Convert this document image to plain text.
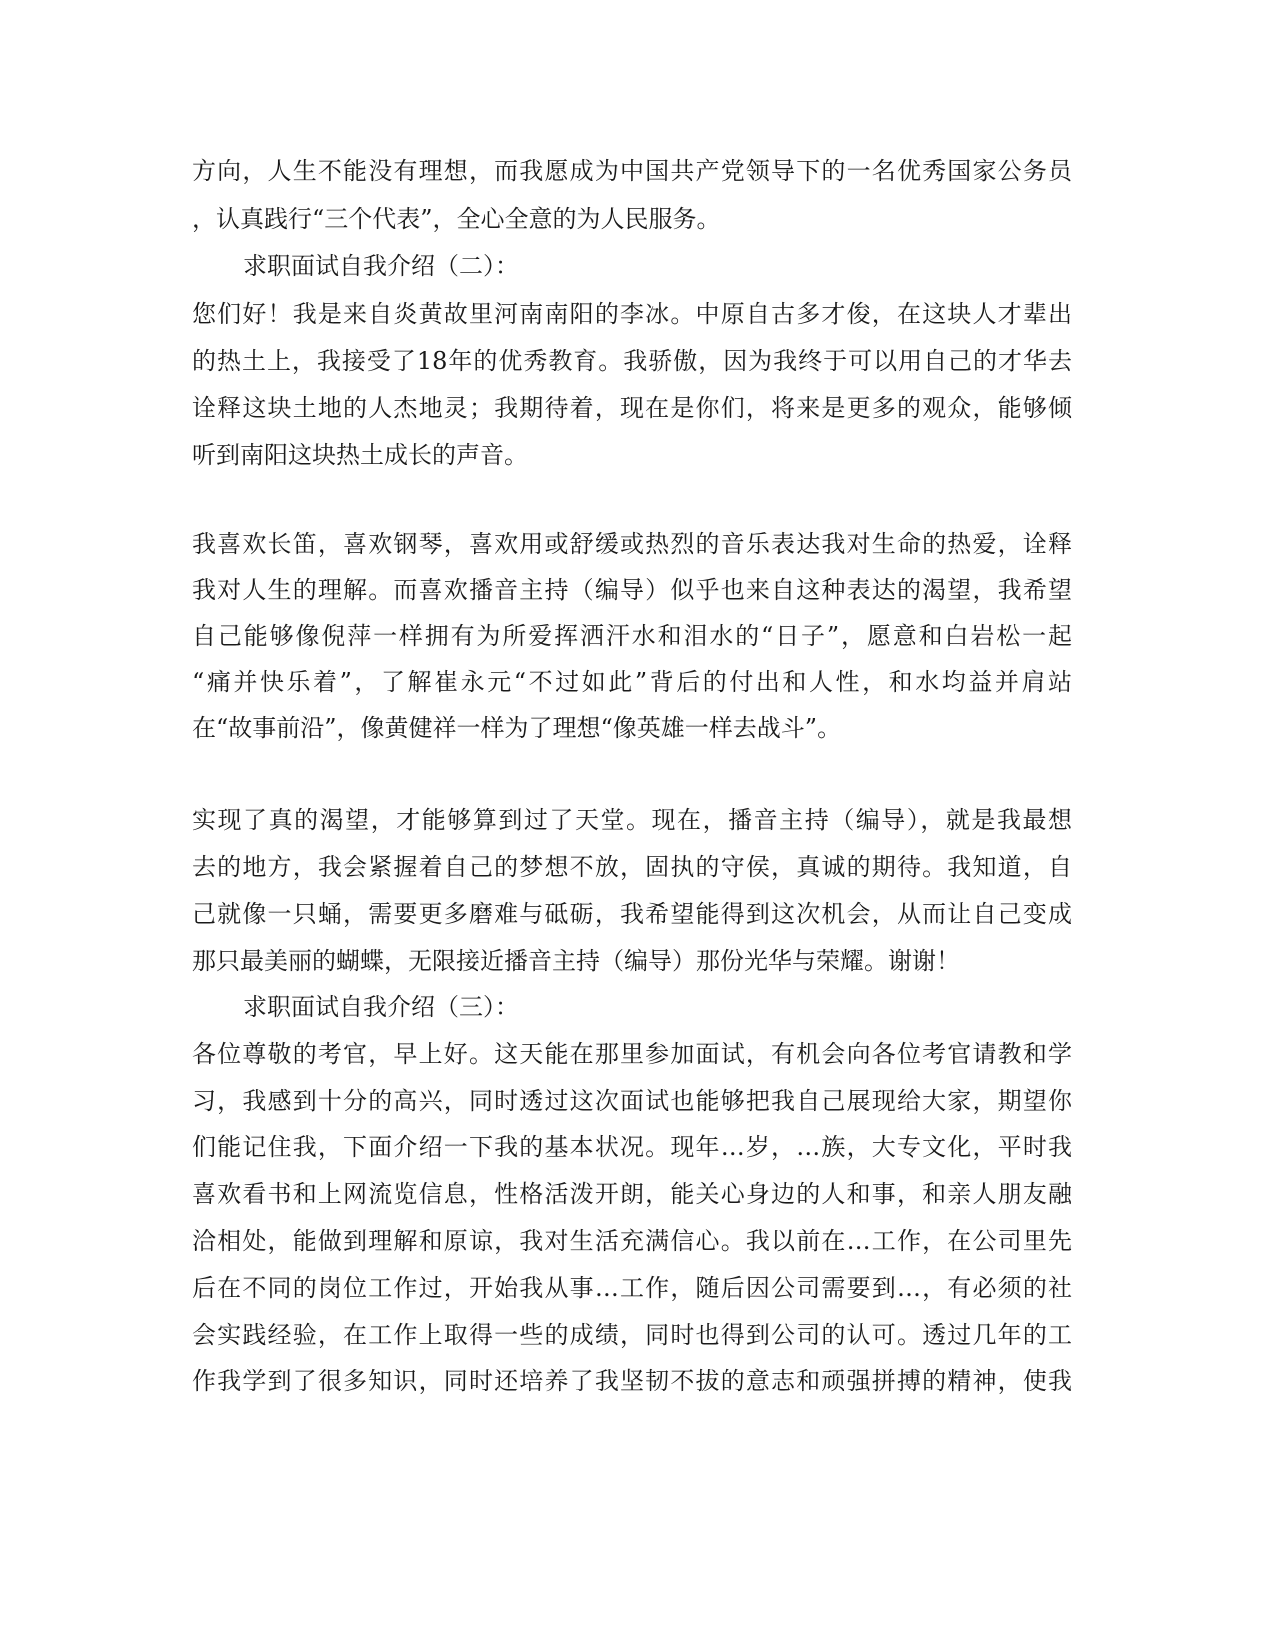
方向，人生不能没有理想，而我愿成为中国共产党领导下的一名优秀国家公务员
，认真践行“三个代表”，全心全意的为人民服务。
求职面试自我介绍（二）：
您们好！我是来自炎黄故里河南南阳的李冰。中原自古多才俊，在这块人才辈出
的热土上，我接受了18年的优秀教育。我骄傲，因为我终于可以用自己的才华去
诠释这块土地的人杰地灵；我期待着，现在是你们，将来是更多的观众，能够倾
听到南阳这块热土成长的声音。
我喜欢长笛，喜欢钢琴，喜欢用或舒缓或热烈的音乐表达我对生命的热爱，诠释
我对人生的理解。而喜欢播音主持（编导）似乎也来自这种表达的渴望，我希望
自己能够像倪萍一样拥有为所爱挥洒汗水和泪水的“日子”，愿意和白岩松一起
“痛并快乐着”，了解崔永元“不过如此”背后的付出和人性，和水均益并肩站
在“故事前沿”，像黄健祥一样为了理想“像英雄一样去战斗”。
实现了真的渴望，才能够算到过了天堂。现在，播音主持（编导），就是我最想
去的地方，我会紧握着自己的梦想不放，固执的守侯，真诚的期待。我知道，自
己就像一只蛹，需要更多磨难与砥砺，我希望能得到这次机会，从而让自己变成
那只最美丽的蝴蝶，无限接近播音主持（编导）那份光华与荣耀。谢谢！
求职面试自我介绍（三）：
各位尊敬的考官，早上好。这天能在那里参加面试，有机会向各位考官请教和学
习，我感到十分的高兴，同时透过这次面试也能够把我自己展现给大家，期望你
们能记住我，下面介绍一下我的基本状况。现年…岁，…族，大专文化，平时我
喜欢看书和上网流览信息，性格活泼开朗，能关心身边的人和事，和亲人朋友融
洽相处，能做到理解和原谅，我对生活充满信心。我以前在…工作，在公司里先
后在不同的岗位工作过，开始我从事…工作，随后因公司需要到…，有必须的社
会实践经验，在工作上取得一些的成绩，同时也得到公司的认可。透过几年的工
作我学到了很多知识，同时还培养了我坚韧不拔的意志和顽强拼搏的精神，使我
